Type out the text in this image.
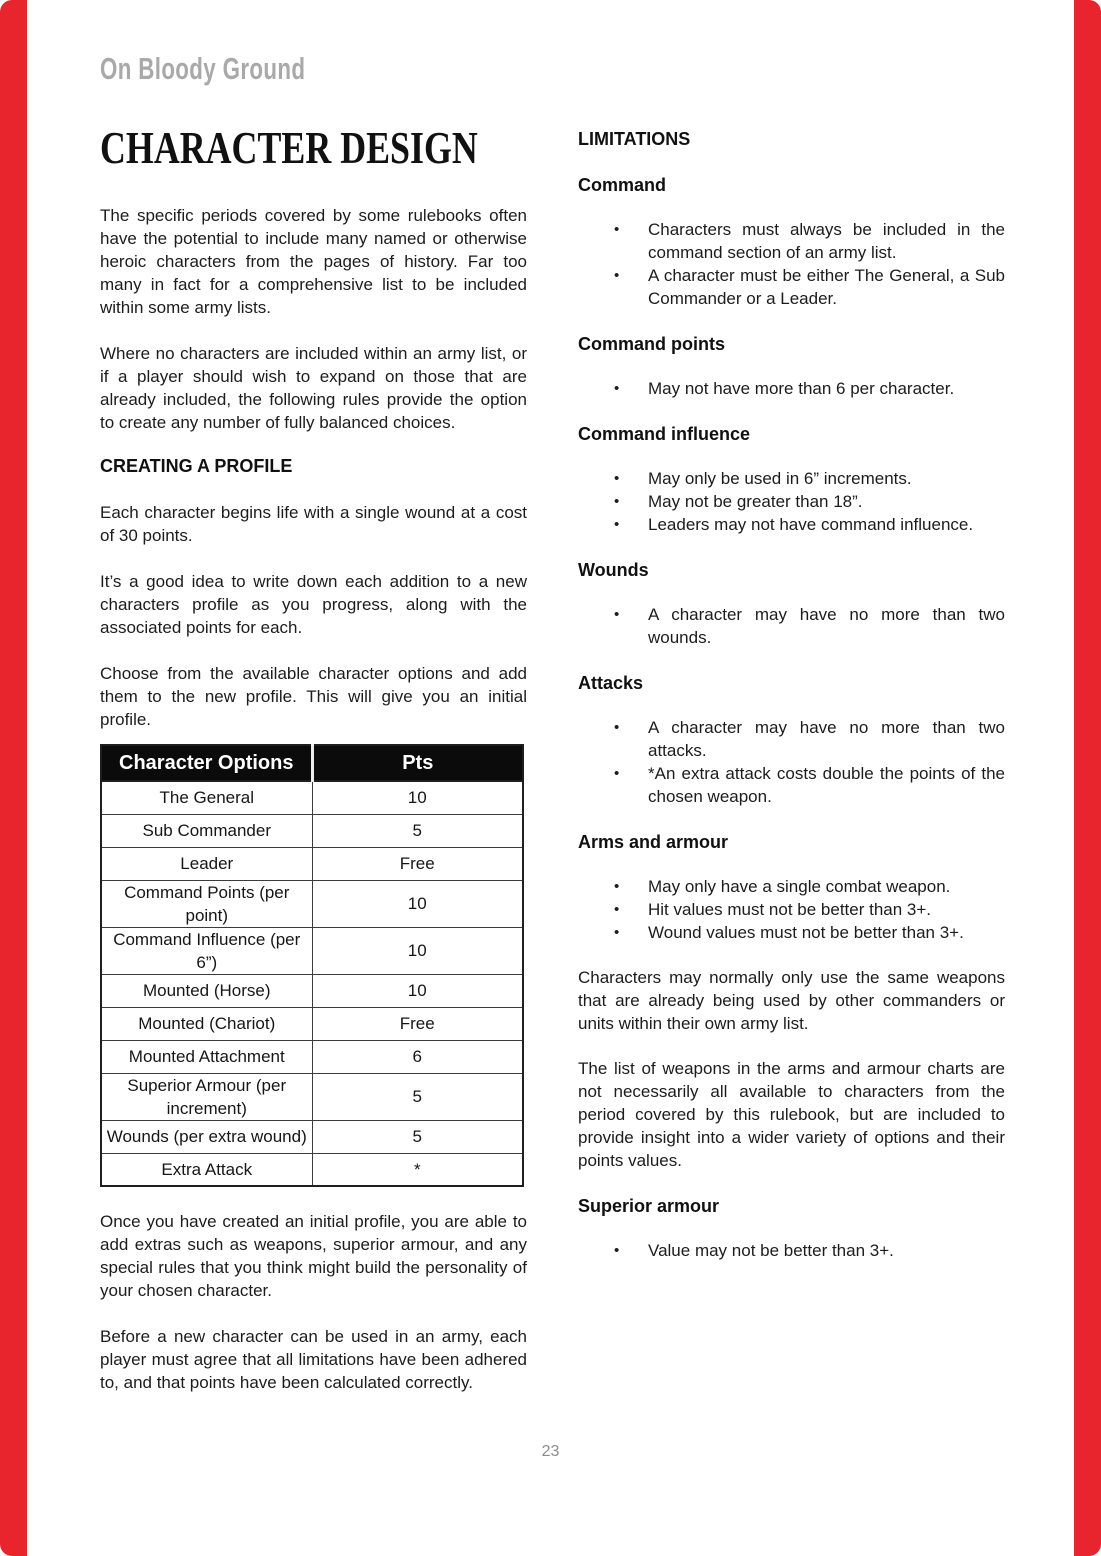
On Bloody Ground
CHARACTER DESIGN

The specific periods covered by some rulebooks often have the potential to include many named or otherwise heroic characters from the pages of history. Far too many in fact for a comprehensive list to be included within some army lists.

Where no characters are included within an army list, or if a player should wish to expand on those that are already included, the following rules provide the option to create any number of fully balanced choices.

CREATING A PROFILE

Each character begins life with a single wound at a cost of 30 points.

It’s a good idea to write down each addition to a new characters profile as you progress, along with the associated points for each.

Choose from the available character options and add them to the new profile. This will give you an initial profile.

Character Options	Pts
The General	10
Sub Commander	5
Leader	Free
Command Points (per point)	10
Command Influence (per 6”)	10
Mounted (Horse)	10
Mounted (Chariot)	Free
Mounted Attachment	6
Superior Armour (per increment)	5
Wounds (per extra wound)	5
Extra Attack	*

Once you have created an initial profile, you are able to add extras such as weapons, superior armour, and any special rules that you think might build the personality of your chosen character.

Before a new character can be used in an army, each player must agree that all limitations have been adhered to, and that points have been calculated correctly.

LIMITATIONS
Command
•	Characters must always be included in the command section of an army list.
•	A character must be either The General, a Sub Commander or a Leader.
Command points
•	May not have more than 6 per character.
Command influence
•	May only be used in 6” increments.
•	May not be greater than 18”.
•	Leaders may not have command influence.
Wounds
•	A character may have no more than two wounds.
Attacks
•	A character may have no more than two attacks.
•	*An extra attack costs double the points of the chosen weapon.
Arms and armour
•	May only have a single combat weapon.
•	Hit values must not be better than 3+.
•	Wound values must not be better than 3+.

Characters may normally only use the same weapons that are already being used by other commanders or units within their own army list.

The list of weapons in the arms and armour charts are not necessarily all available to characters from the period covered by this rulebook, but are included to provide insight into a wider variety of options and their points values.

Superior armour
•	Value may not be better than 3+.
23
